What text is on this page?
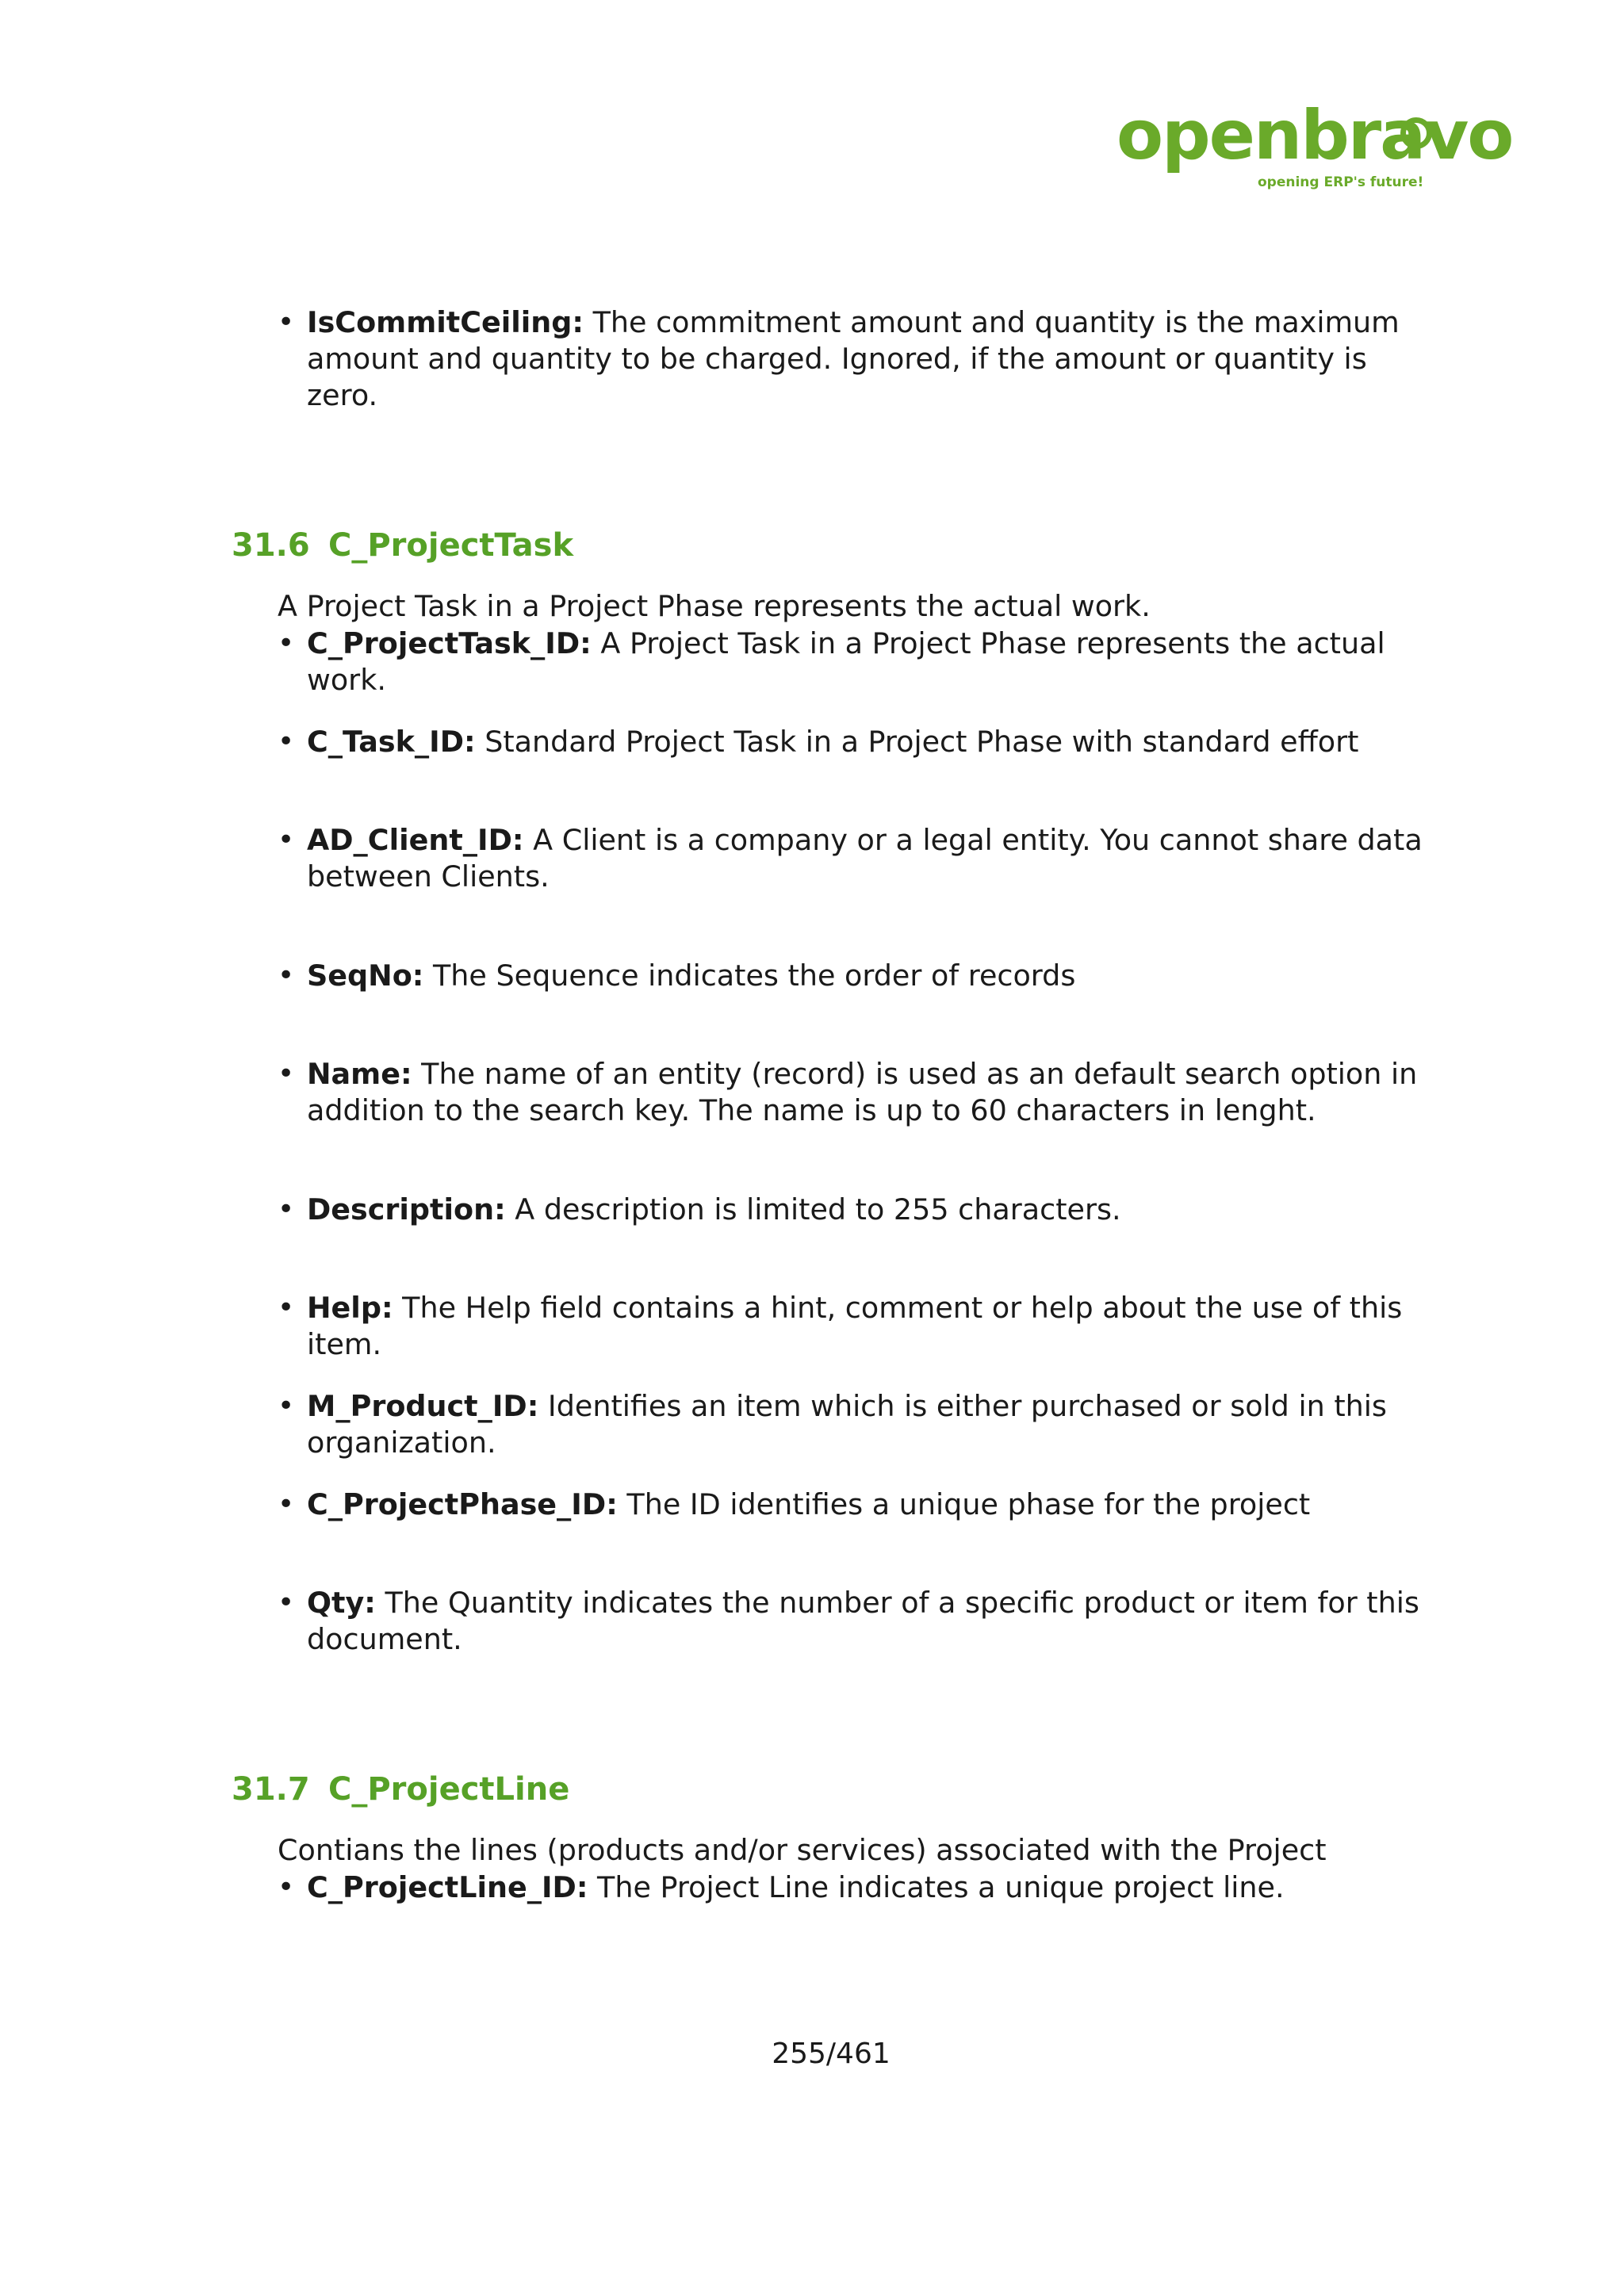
openbravo
opening ERP's future!
• IsCommitCeiling: The commitment amount and quantity is the maximum amount and quantity to be charged. Ignored, if the amount or quantity is zero.
31.6 C_ProjectTask
A Project Task in a Project Phase represents the actual work.
• C_ProjectTask_ID: A Project Task in a Project Phase represents the actual work.
• C_Task_ID: Standard Project Task in a Project Phase with standard effort
• AD_Client_ID: A Client is a company or a legal entity. You cannot share data between Clients.
• SeqNo: The Sequence indicates the order of records
• Name: The name of an entity (record) is used as an default search option in addition to the search key. The name is up to 60 characters in lenght.
• Description: A description is limited to 255 characters.
• Help: The Help field contains a hint, comment or help about the use of this item.
• M_Product_ID: Identifies an item which is either purchased or sold in this organization.
• C_ProjectPhase_ID: The ID identifies a unique phase for the project
• Qty: The Quantity indicates the number of a specific product or item for this document.
31.7 C_ProjectLine
Contians the lines (products and/or services) associated with the Project
• C_ProjectLine_ID: The Project Line indicates a unique project line.
255/461
